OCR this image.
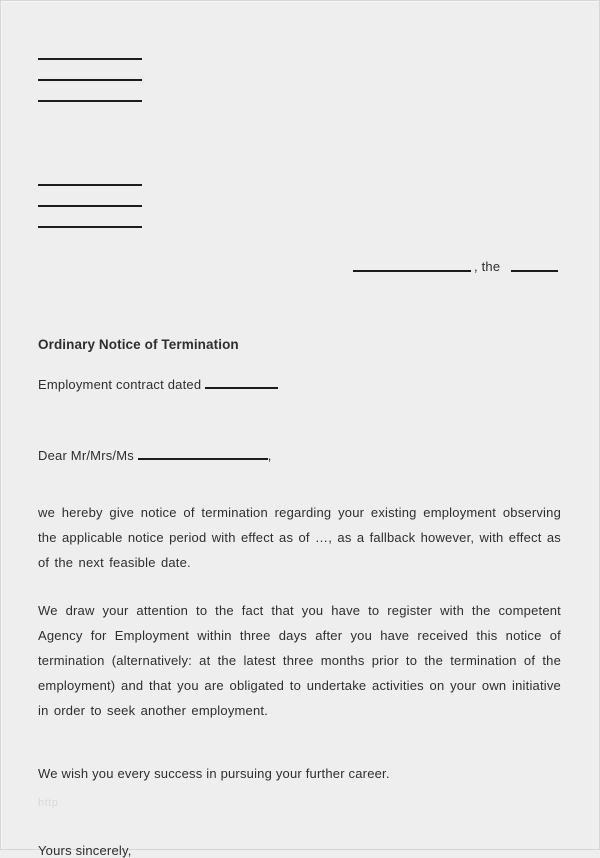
, the
Ordinary Notice of Termination
Employment contract dated
Dear Mr/Mrs/Ms	,
we hereby give notice of termination regarding your existing employment observing the applicable notice period with effect as of …, as a fallback however, with effect as of the next feasible date.
We draw your attention to the fact that you have to register with the competent Agency for Employment within three days after you have received this notice of termination (alternatively: at the latest three months prior to the termination of the employment) and that you are obligated to undertake activities on your own initiative in order to seek another employment.
We wish you every success in pursuing your further career.
http
Yours sincerely,
